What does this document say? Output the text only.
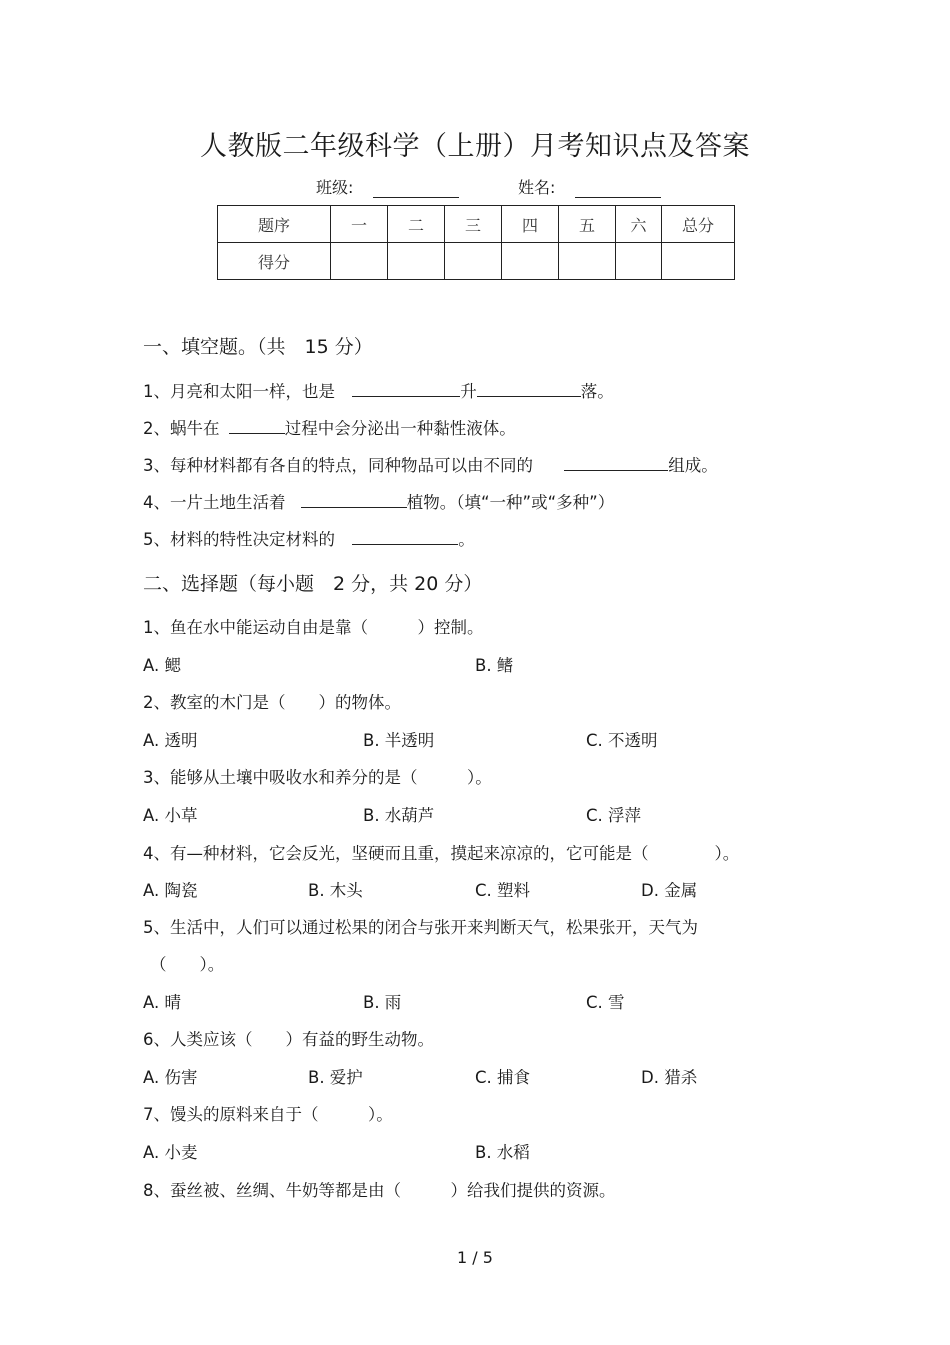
人教版二年级科学（上册）月考知识点及答案
班级:	姓名:
题序	一	二	三	四	五	六	总分
得分							
一、填空题。（共　15 分）
1、月亮和太阳一样，也是	升	落。
2、蜗牛在	过程中会分泌出一种黏性液体。
3、每种材料都有各自的特点，同种物品可以由不同的	组成。
4、一片土地生活着	植物。（填“一种”或“多种”）
5、材料的特性决定材料的	。
二、选择题（每小题　2 分，共 20 分）
1、鱼在水中能运动自由是靠（　　　）控制。
A. 鳃	B. 鳍
2、教室的木门是（　　）的物体。
A. 透明	B. 半透明	C. 不透明
3、能够从土壤中吸收水和养分的是（　　　）。
A. 小草	B. 水葫芦	C. 浮萍
4、有—种材料，它会反光，坚硬而且重，摸起来凉凉的，它可能是（　　　　）。
A. 陶瓷	B. 木头	C. 塑料	D. 金属
5、生活中，人们可以通过松果的闭合与张开来判断天气，松果张开，天气为
（　　）。
A. 晴	B. 雨	C. 雪
6、人类应该（　　）有益的野生动物。
A. 伤害	B. 爱护	C. 捕食	D. 猎杀
7、馒头的原料来自于（　　　）。
A. 小麦	B. 水稻
8、蚕丝被、丝绸、牛奶等都是由（　　　）给我们提供的资源。
1 / 5
